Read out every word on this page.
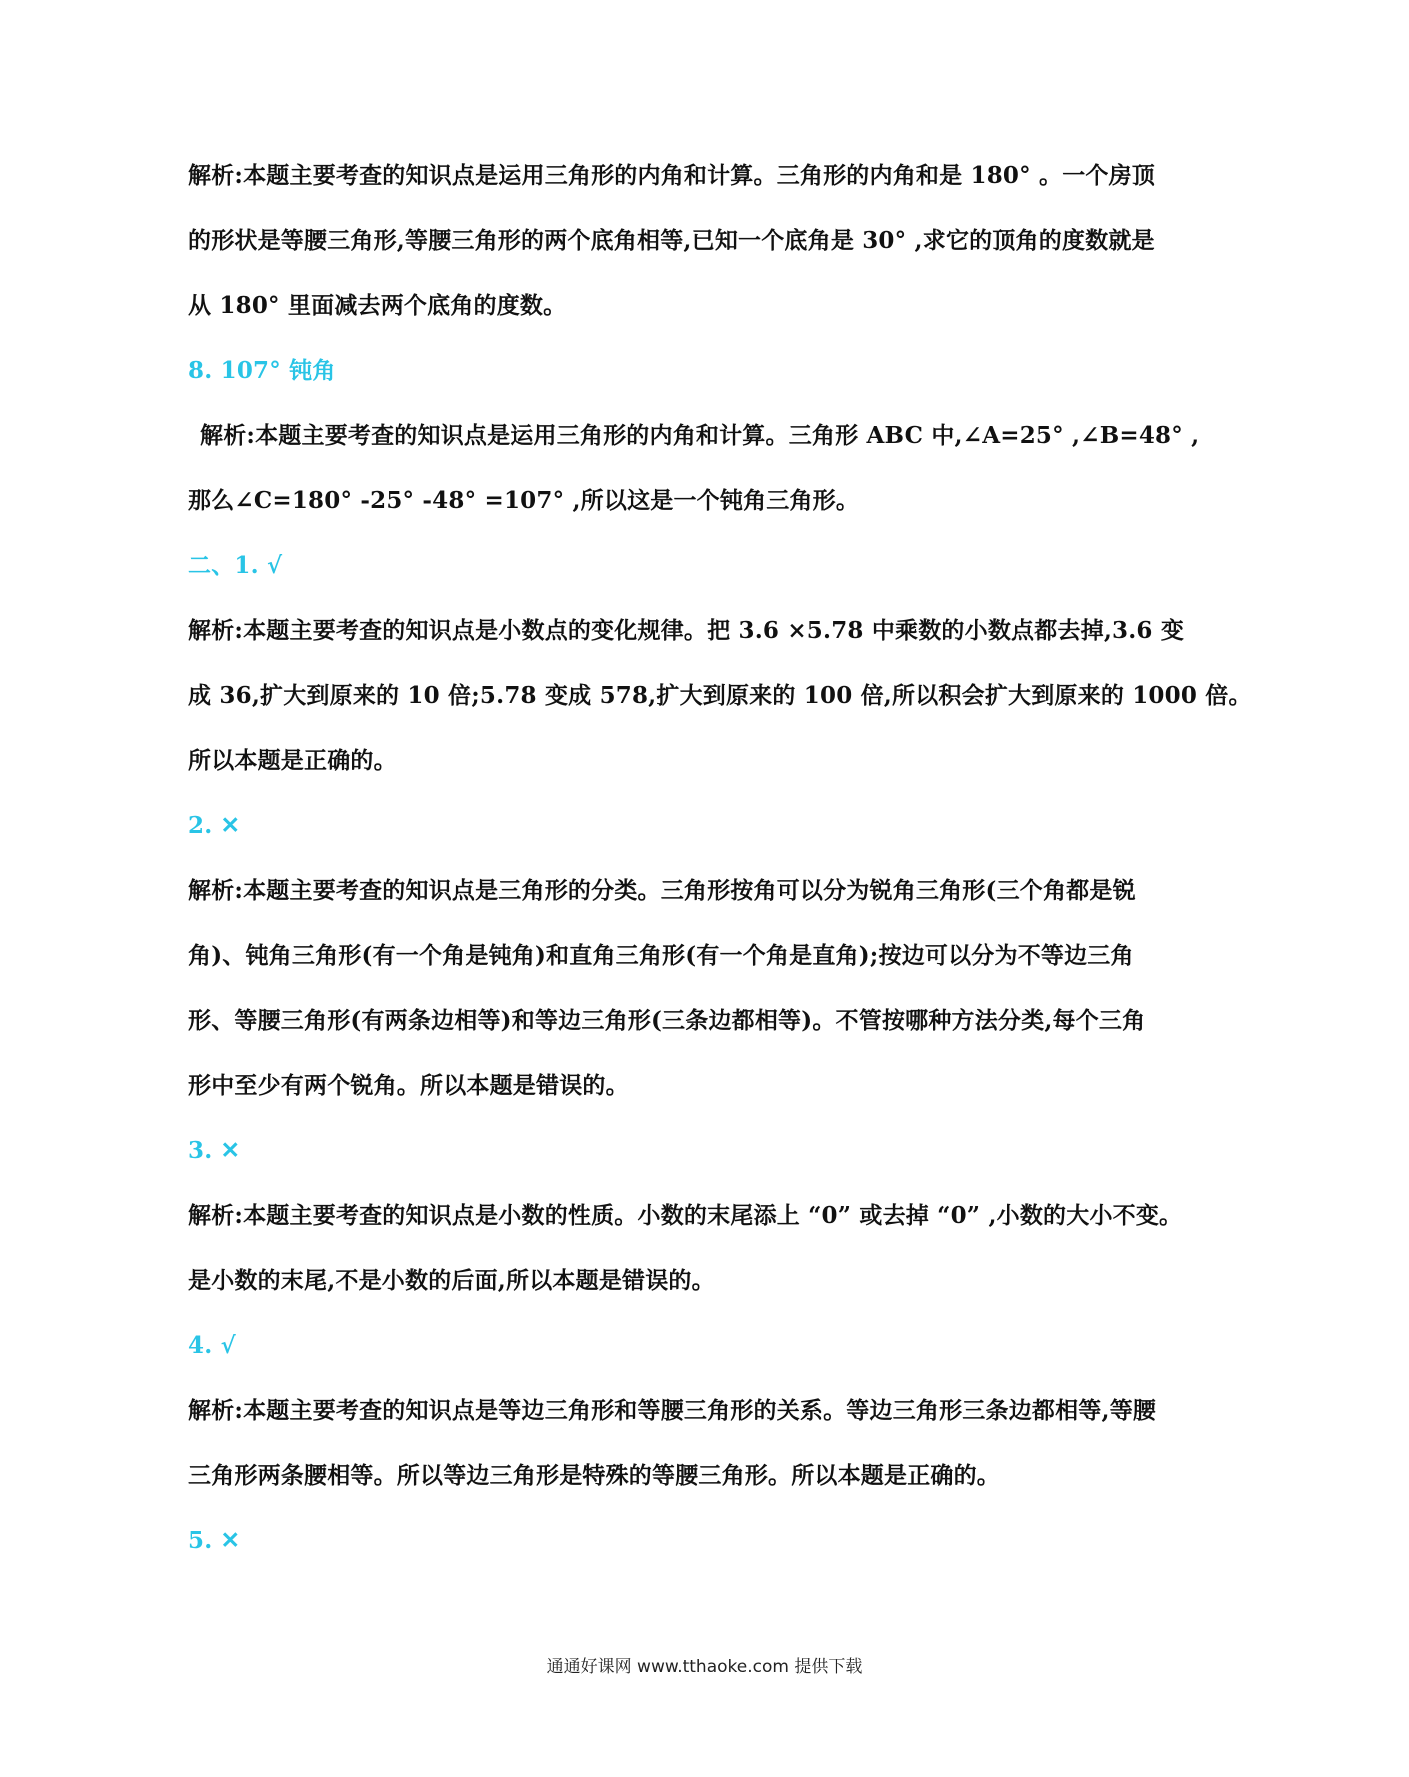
解析:本题主要考查的知识点是运用三角形的内角和计算。三角形的内角和是 180° 。一个房顶
的形状是等腰三角形,等腰三角形的两个底角相等,已知一个底角是 30° ,求它的顶角的度数就是
从 180° 里面减去两个底角的度数。
8. 107° 钝角
解析:本题主要考查的知识点是运用三角形的内角和计算。三角形 ABC 中,∠A=25° ,∠B=48° ,
那么∠C=180° -25° -48° =107° ,所以这是一个钝角三角形。
二、1. √
解析:本题主要考查的知识点是小数点的变化规律。把 3.6 ×5.78 中乘数的小数点都去掉,3.6 变
成 36,扩大到原来的 10 倍;5.78 变成 578,扩大到原来的 100 倍,所以积会扩大到原来的 1000 倍。
所以本题是正确的。
2. ✕
解析:本题主要考查的知识点是三角形的分类。三角形按角可以分为锐角三角形(三个角都是锐
角)、钝角三角形(有一个角是钝角)和直角三角形(有一个角是直角);按边可以分为不等边三角
形、等腰三角形(有两条边相等)和等边三角形(三条边都相等)。不管按哪种方法分类,每个三角
形中至少有两个锐角。所以本题是错误的。
3. ✕
解析:本题主要考查的知识点是小数的性质。小数的末尾添上 “0” 或去掉 “0” ,小数的大小不变。
是小数的末尾,不是小数的后面,所以本题是错误的。
4. √
解析:本题主要考查的知识点是等边三角形和等腰三角形的关系。等边三角形三条边都相等,等腰
三角形两条腰相等。所以等边三角形是特殊的等腰三角形。所以本题是正确的。
5. ✕
通通好课网 www.tthaoke.com 提供下载
